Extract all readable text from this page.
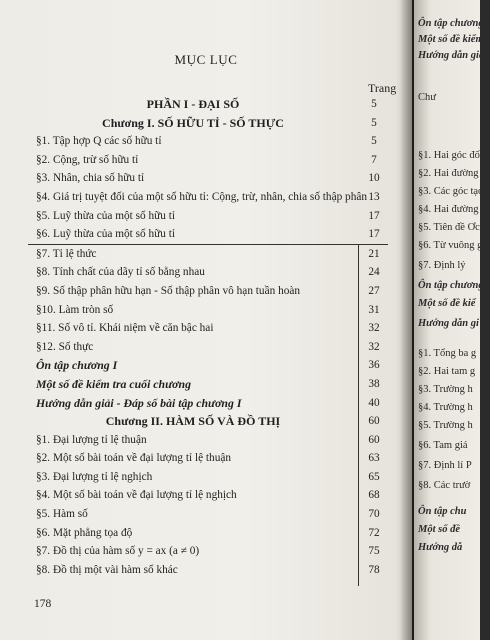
MỤC LỤC
Trang
PHẦN I - ĐẠI SỐ	5
Chương I. SỐ HỮU TỈ - SỐ THỰC	5
§1. Tập hợp Q các số hữu tỉ	5
§2. Cộng, trừ số hữu tỉ	7
§3. Nhân, chia số hữu tỉ	10
§4. Giá trị tuyệt đối của một số hữu tỉ: Cộng, trừ, nhân, chia số thập phân 13
§5. Luỹ thừa của một số hữu tỉ	17
§6. Luỹ thừa của một số hữu tỉ	17
§7. Tỉ lệ thức	21
§8. Tính chất của dãy tỉ số bằng nhau	24
§9. Số thập phân hữu hạn - Số thập phân vô hạn tuần hoàn	27
§10. Làm tròn số	31
§11. Số vô tỉ. Khái niệm về căn bậc hai	32
§12. Số thực	32
Ôn tập chương I	36
Một số đề kiểm tra cuối chương	38
Hướng dẫn giải - Đáp số bài tập chương I	40
Chương II. HÀM SỐ VÀ ĐỒ THỊ	60
§1. Đại lượng tỉ lệ thuận	60
§2. Một số bài toán về đại lượng tỉ lệ thuận	63
§3. Đại lượng tỉ lệ nghịch	65
§4. Một số bài toán về đại lượng tỉ lệ nghịch	68
§5. Hàm số	70
§6. Mặt phẳng tọa độ	72
§7. Đồ thị của hàm số y = ax (a ≠ 0)	75
§8. Đồ thị một vài hàm số khác	78
178
Ôn tập chương I
Một số đề kiểm
Hướng dẫn giải
Chư
§1. Hai góc đối
§2. Hai đường t
§3. Các góc tạo
§4. Hai đường t
§5. Tiên đề Ơc
§6. Từ vuông g
§7. Định lý
Ôn tập chương
Một số đề kiể
Hướng dẫn gi
§1. Tổng ba g
§2. Hai tam g
§3. Trường h
§4. Trường h
§5. Trường h
§6. Tam giá
§7. Định lí P
§8. Các trườ
Ôn tập chu
Một số đề
Hướng dẫ
